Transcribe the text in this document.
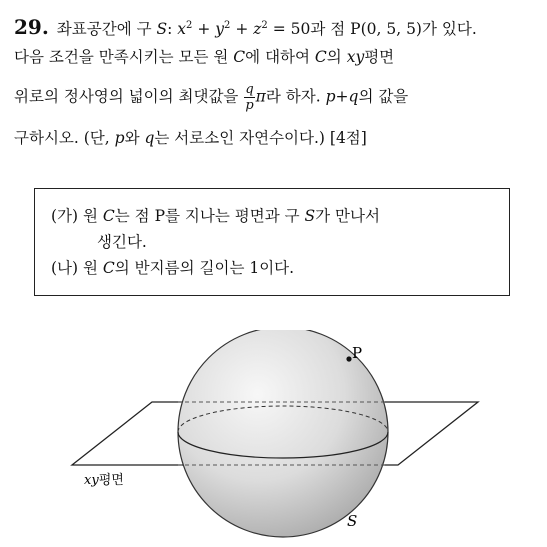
29. 좌표공간에 구 S: $x^2 + y^2 + z^2 = 50$과 점 P(0, 5, 5)가 있다.
다음 조건을 만족시키는 모든 원 C에 대하여 C의 xy평면
위로의 정사영의 넓이의 최댓값을 $\frac{q}{p}$ π라 하자. p+q의 값을
구하시오. (단, p와 q는 서로소인 자연수이다.) [4점]
(가) 원 C는 점 P를 지나는 평면과 구 S가 만나서
생긴다.
(나) 원 C의 반지름의 길이는 1이다.
P
xy평면
S
